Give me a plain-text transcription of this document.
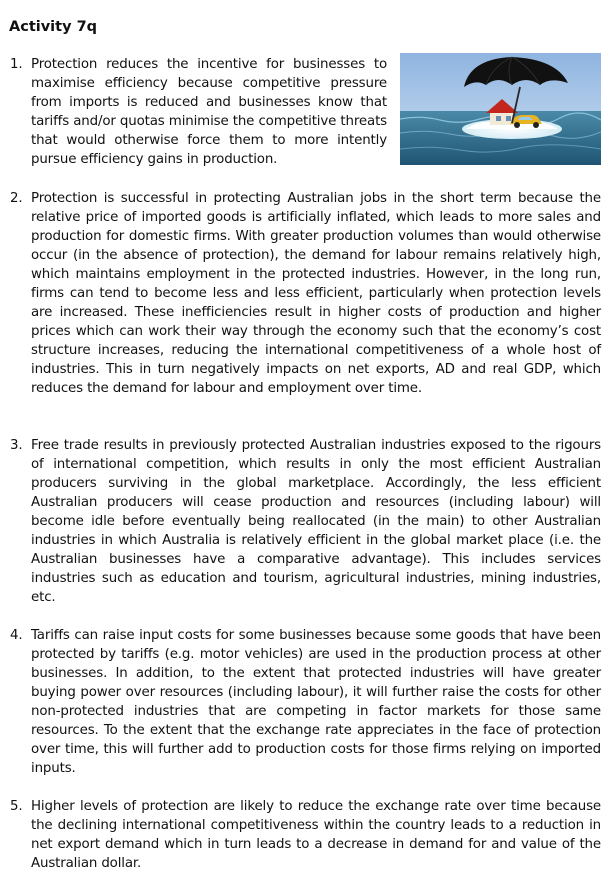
Activity 7q

1. Protection reduces the incentive for businesses to maximise efficiency because competitive pressure from imports is reduced and businesses know that tariffs and/or quotas minimise the competitive threats that would otherwise force them to more intently pursue efficiency gains in production.

2. Protection is successful in protecting Australian jobs in the short term because the relative price of imported goods is artificially inflated, which leads to more sales and production for domestic firms. With greater production volumes than would otherwise occur (in the absence of protection), the demand for labour remains relatively high, which maintains employment in the protected industries. However, in the long run, firms can tend to become less and less efficient, particularly when protection levels are increased. These inefficiencies result in higher costs of production and higher prices which can work their way through the economy such that the economy’s cost structure increases, reducing the international competitiveness of a whole host of industries. This in turn negatively impacts on net exports, AD and real GDP, which reduces the demand for labour and employment over time.

3. Free trade results in previously protected Australian industries exposed to the rigours of international competition, which results in only the most efficient Australian producers surviving in the global marketplace. Accordingly, the less efficient Australian producers will cease production and resources (including labour) will become idle before eventually being reallocated (in the main) to other Australian industries in which Australia is relatively efficient in the global market place (i.e. the Australian businesses have a comparative advantage). This includes services industries such as education and tourism, agricultural industries, mining industries, etc.

4. Tariffs can raise input costs for some businesses because some goods that have been protected by tariffs (e.g. motor vehicles) are used in the production process at other businesses. In addition, to the extent that protected industries will have greater buying power over resources (including labour), it will further raise the costs for other non-protected industries that are competing in factor markets for those same resources. To the extent that the exchange rate appreciates in the face of protection over time, this will further add to production costs for those firms relying on imported inputs.

5. Higher levels of protection are likely to reduce the exchange rate over time because the declining international competitiveness within the country leads to a reduction in net export demand which in turn leads to a decrease in demand for and value of the Australian dollar.
